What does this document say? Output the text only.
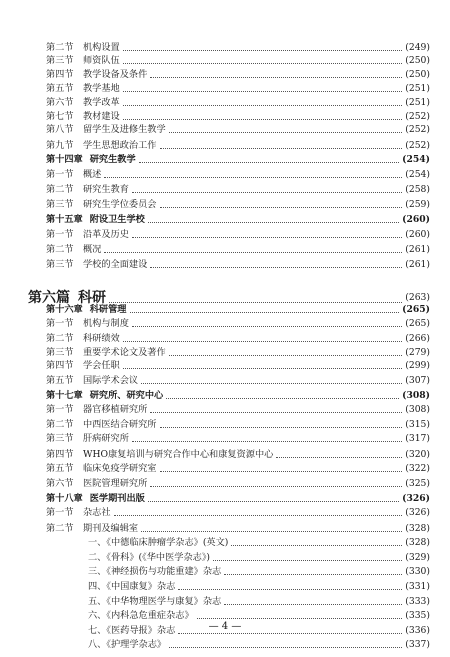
第二节	机构设置	(249)
第三节	师资队伍	(250)
第四节	教学设备及条件	(250)
第五节	教学基地	(251)
第六节	教学改革	(251)
第七节	教材建设	(252)
第八节	留学生及进修生教学	(252)
第九节	学生思想政治工作	(252)
第十四章 研究生教学	(254)
第一节	概述	(254)
第二节	研究生教育	(258)
第三节	研究生学位委员会	(259)
第十五章 附设卫生学校	(260)
第一节	沿革及历史	(260)
第二节	概况	(261)
第三节	学校的全面建设	(261)
第六篇 科研	(263)
第十六章 科研管理	(265)
第一节	机构与制度	(265)
第二节	科研绩效	(266)
第三节	重要学术论文及著作	(279)
第四节	学会任职	(299)
第五节	国际学术会议	(307)
第十七章 研究所、研究中心	(308)
第一节	器官移植研究所	(308)
第二节	中西医结合研究所	(315)
第三节	肝病研究所	(317)
第四节	WHO康复培训与研究合作中心和康复资源中心	(320)
第五节	临床免疫学研究室	(322)
第六节	医院管理研究所	(325)
第十八章 医学期刊出版	(326)
第一节	杂志社	(326)
第二节	期刊及编辑室	(328)
一、《中德临床肿瘤学杂志》(英文)	(328)
二、《骨科》(《华中医学杂志》)	(329)
三、《神经损伤与功能重建》杂志	(330)
四、《中国康复》杂志	(331)
五、《中华物理医学与康复》杂志	(333)
六、《内科急危重症杂志》	(335)
七、《医药导报》杂志	(336)
八、《护理学杂志》	(337)
— 4 —
